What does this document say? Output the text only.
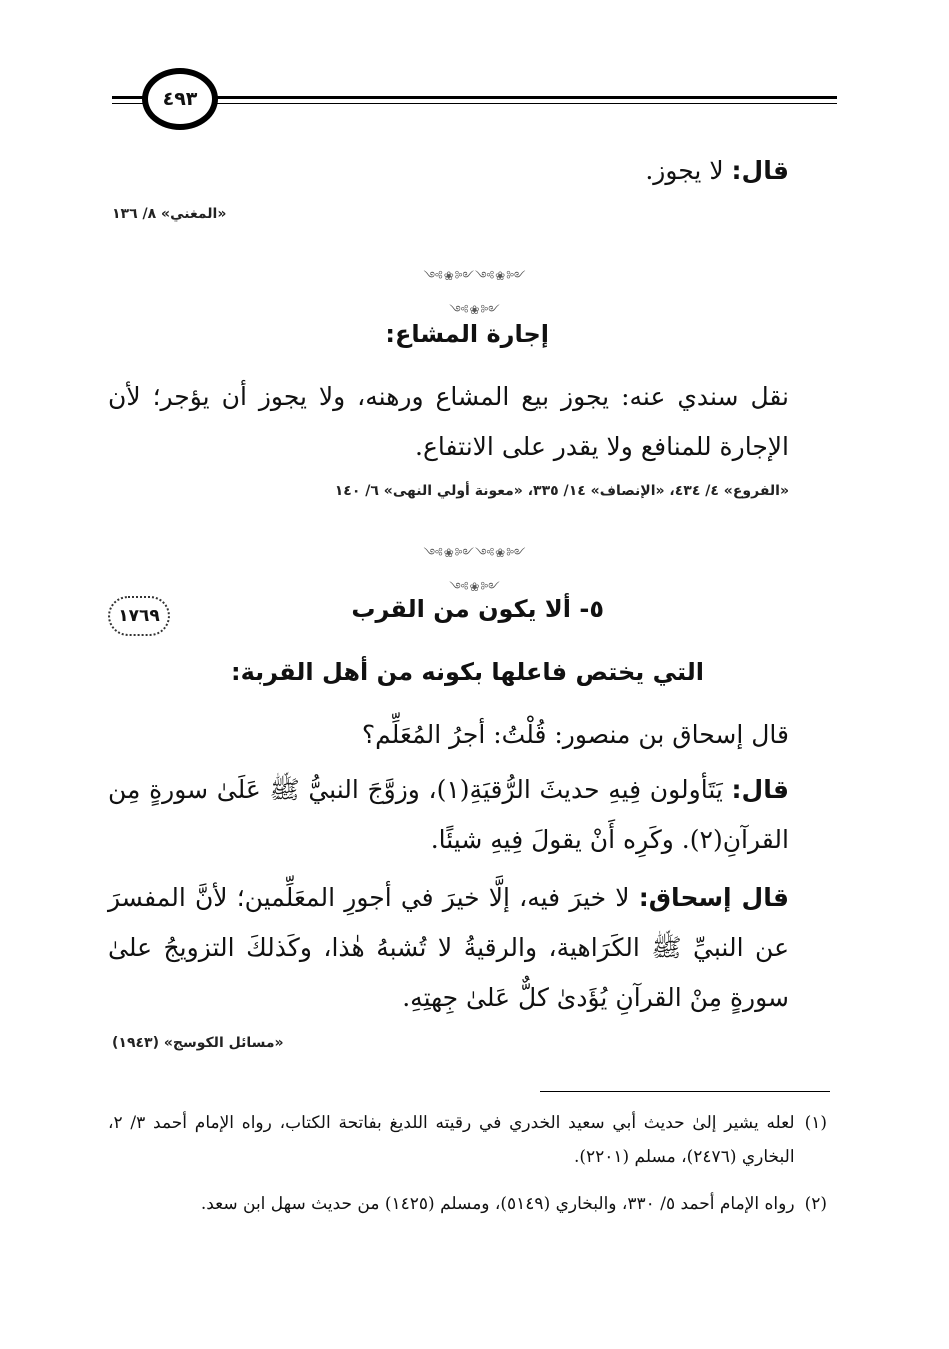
٤٩٣
قال: لا يجوز.
«المغني» ٨/ ١٣٦
༺❀༻༺❀༻༺❀༻
إجارة المشاع:
نقل سندي عنه: يجوز بيع المشاع ورهنه، ولا يجوز أن يؤجر؛ لأن الإجارة للمنافع ولا يقدر على الانتفاع.
«الفروع» ٤/ ٤٣٤، «الإنصاف» ١٤/ ٣٣٥، «معونة أولي النهى» ٦/ ١٤٠
༺❀༻༺❀༻༺❀༻
١٧٦٩	٥- ألا يكون من القرب
التي يختص فاعلها بكونه من أهل القربة:
قال إسحاق بن منصور: قُلْتُ: أجرُ المُعَلِّم؟
قال: يَتَأولون فِيهِ حديثَ الرُّقيَةِ(١)، وزوَّجَ النبيُّ ﷺ عَلَىٰ سورةٍ مِن القرآنِ(٢). وكَرِه أَنْ يقولَ فِيهِ شيئًا.
قال إسحاق: لا خيرَ فيه، إلَّا خيرَ في أجورِ المعَلِّمين؛ لأنَّ المفسرَ عن النبيِّ ﷺ الكَرَاهية، والرقيةُ لا تُشبهُ هٰذا، وكَذلكَ التزويجُ علىٰ سورةٍ مِنْ القرآنِ يُؤَدىٰ كلٌّ عَلىٰ جِهتِهِ.
«مسائل الكوسج» (١٩٤٣)
(١)
لعله يشير إلىٰ حديث أبي سعيد الخدري في رقيته اللديغ بفاتحة الكتاب، رواه الإمام أحمد ٣/ ٢، البخاري (٢٤٧٦)، مسلم (٢٢٠١).
(٢)
رواه الإمام أحمد ٥/ ٣٣٠، والبخاري (٥١٤٩)، ومسلم (١٤٢٥) من حديث سهل ابن سعد.
